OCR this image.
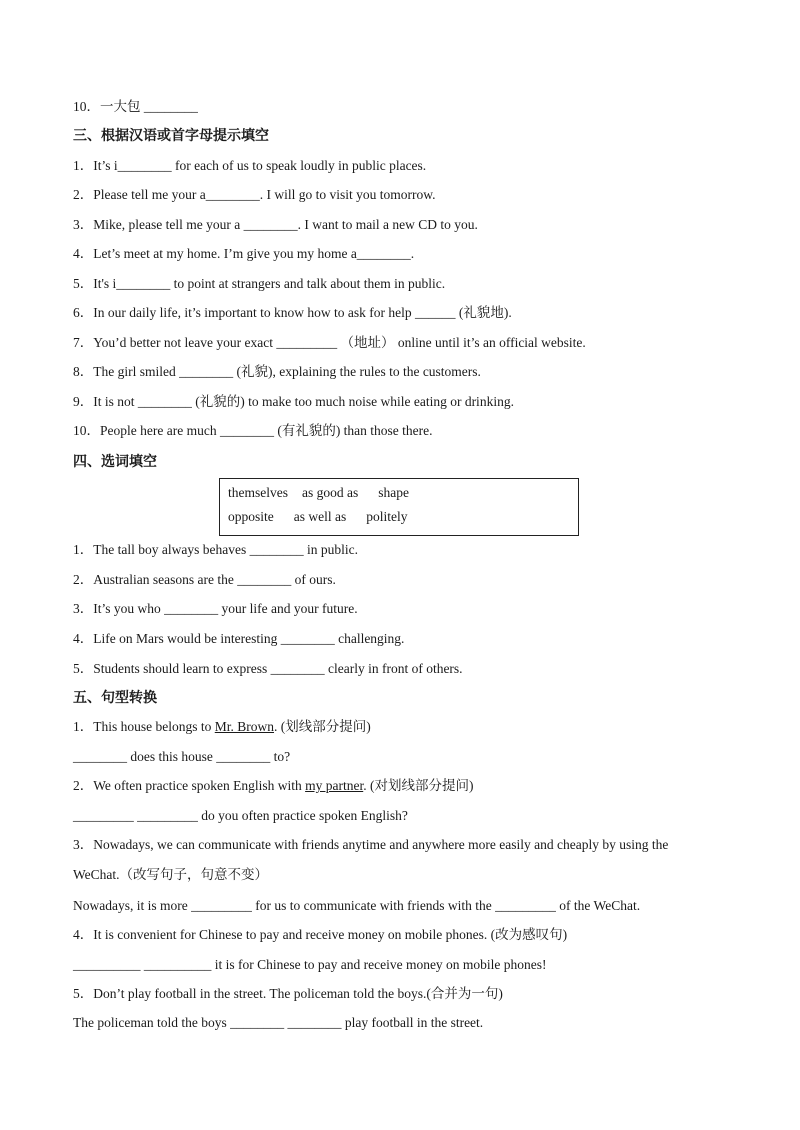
10．一大包 ________
三、根据汉语或首字母提示填空
1．It’s i________ for each of us to speak loudly in public places.
2．Please tell me your a________. I will go to visit you tomorrow.
3．Mike, please tell me your a ________. I want to mail a new CD to you.
4．Let’s meet at my home. I’m give you my home a________.
5．It's i________ to point at strangers and talk about them in public.
6．In our daily life, it’s important to know how to ask for help ______ (礼貌地).
7．You’d better not leave your exact _________ （地址） online until it’s an official website.
8．The girl smiled ________ (礼貌), explaining the rules to the customers.
9．It is not ________ (礼貌的) to make too much noise while eating or drinking.
10．People here are much ________ (有礼貌的) than those there.
四、选词填空
themselves as good as shape
opposite as well as politely
1．The tall boy always behaves ________ in public.
2．Australian seasons are the ________ of ours.
3．It’s you who ________ your life and your future.
4．Life on Mars would be interesting ________ challenging.
5．Students should learn to express ________ clearly in front of others.
五、句型转换
1．This house belongs to Mr. Brown. (划线部分提问)
________ does this house ________ to?
2．We often practice spoken English with my partner. (对划线部分提问)
_________ _________ do you often practice spoken English?
3．Nowadays, we can communicate with friends anytime and anywhere more easily and cheaply by using the
WeChat.（改写句子，句意不变）
Nowadays, it is more _________ for us to communicate with friends with the _________ of the WeChat.
4．It is convenient for Chinese to pay and receive money on mobile phones. (改为感叹句)
__________ __________ it is for Chinese to pay and receive money on mobile phones!
5．Don’t play football in the street. The policeman told the boys.(合并为一句)
The policeman told the boys ________ ________ play football in the street.
